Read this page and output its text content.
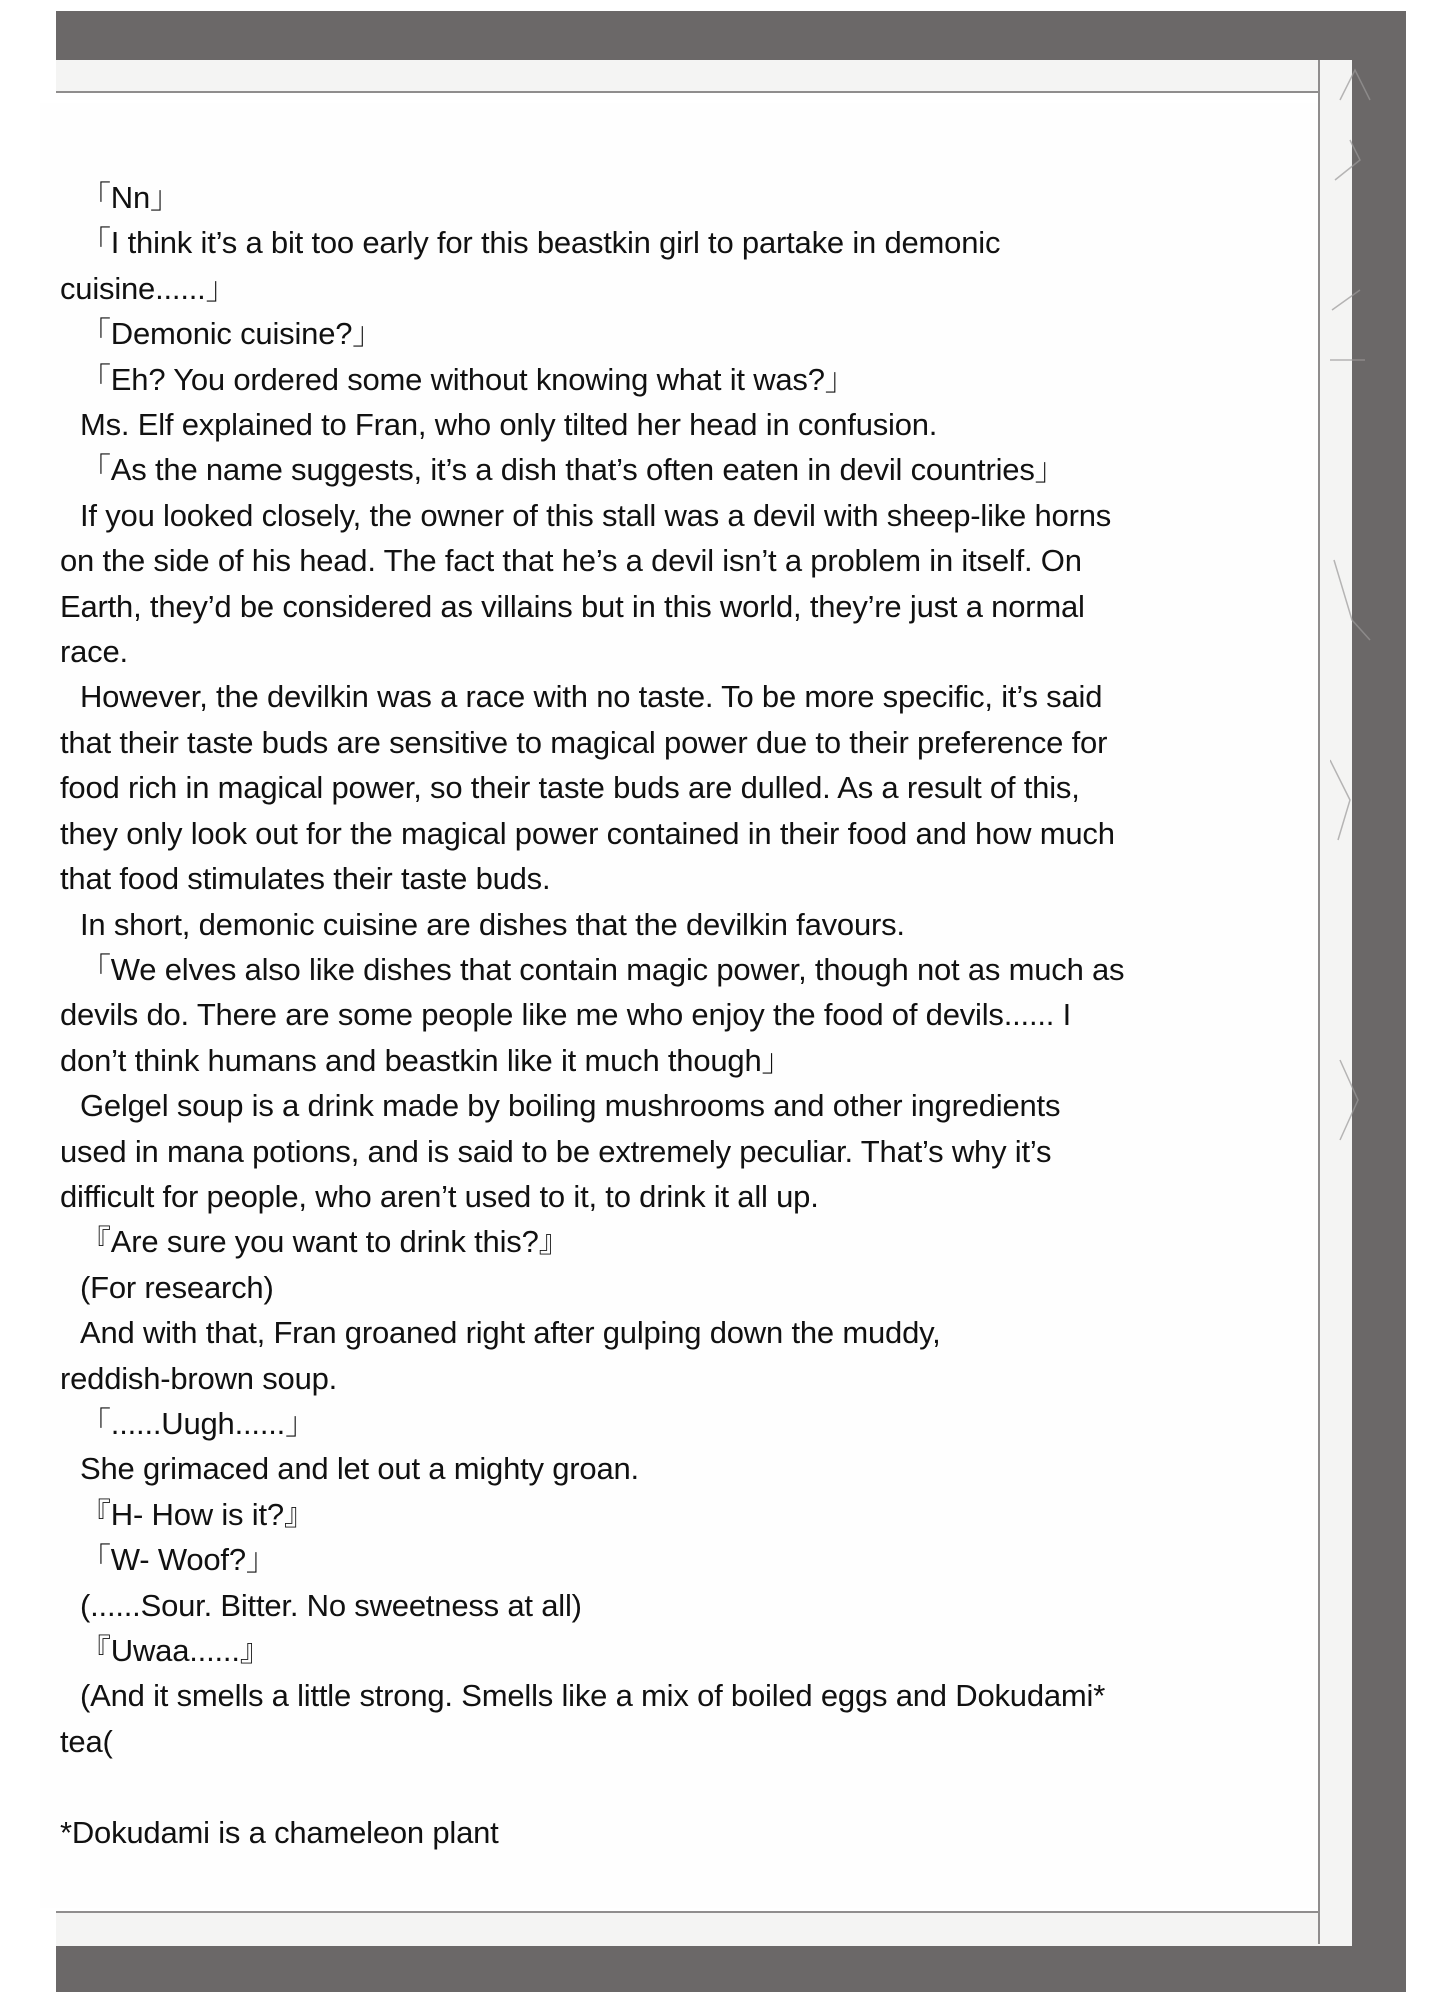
「Nn」
「I think it’s a bit too early for this beastkin girl to partake in demonic
cuisine......」
「Demonic cuisine?」
「Eh? You ordered some without knowing what it was?」
Ms. Elf explained to Fran, who only tilted her head in confusion.
「As the name suggests, it’s a dish that’s often eaten in devil countries」
If you looked closely, the owner of this stall was a devil with sheep-like horns
on the side of his head. The fact that he’s a devil isn’t a problem in itself. On
Earth, they’d be considered as villains but in this world, they’re just a normal
race.
However, the devilkin was a race with no taste. To be more specific, it’s said
that their taste buds are sensitive to magical power due to their preference for
food rich in magical power, so their taste buds are dulled. As a result of this,
they only look out for the magical power contained in their food and how much
that food stimulates their taste buds.
In short, demonic cuisine are dishes that the devilkin favours.
「We elves also like dishes that contain magic power, though not as much as
devils do. There are some people like me who enjoy the food of devils...... I
don’t think humans and beastkin like it much though」
Gelgel soup is a drink made by boiling mushrooms and other ingredients
used in mana potions, and is said to be extremely peculiar. That’s why it’s
difficult for people, who aren’t used to it, to drink it all up.
『Are sure you want to drink this?』
(For research)
And with that, Fran groaned right after gulping down the muddy,
reddish-brown soup.
「......Uugh......」
She grimaced and let out a mighty groan.
『H- How is it?』
「W- Woof?」
(......Sour. Bitter. No sweetness at all)
『Uwaa......』
(And it smells a little strong. Smells like a mix of boiled eggs and Dokudami*
tea(

*Dokudami is a chameleon plant
